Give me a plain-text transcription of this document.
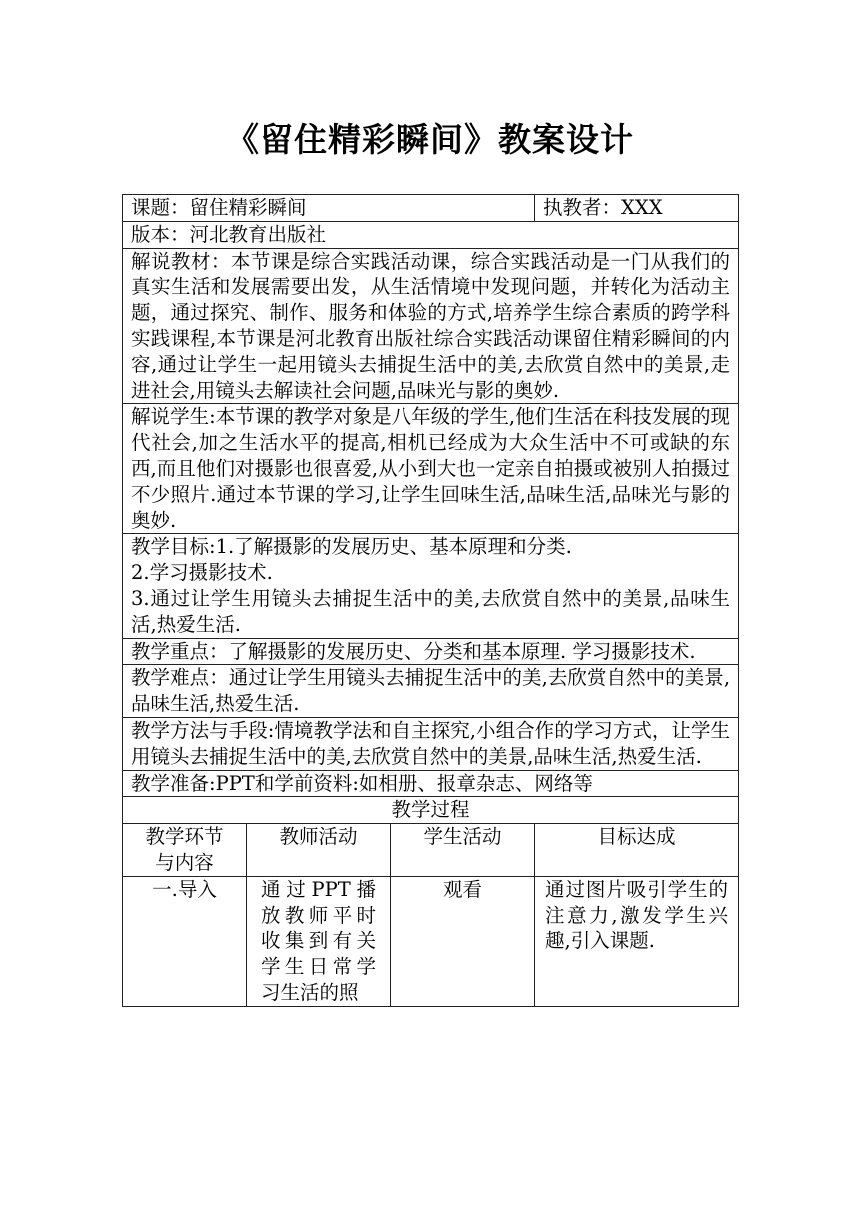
《留住精彩瞬间》教案设计
课题：留住精彩瞬间			执教者：XXX
版本：河北教育出版社			
解说教材：本节课是综合实践活动课，综合实践活动是一门从我们的真实生活和发展需要出发，从生活情境中发现问题，并转化为活动主题，通过探究、制作、服务和体验的方式,培养学生综合素质的跨学科实践课程,本节课是河北教育出版社综合实践活动课留住精彩瞬间的内容,通过让学生一起用镜头去捕捉生活中的美,去欣赏自然中的美景,走进社会,用镜头去解读社会问题,品味光与影的奥妙.			
解说学生:本节课的教学对象是八年级的学生,他们生活在科技发展的现代社会,加之生活水平的提高,相机已经成为大众生活中不可或缺的东西,而且他们对摄影也很喜爱,从小到大也一定亲自拍摄或被别人拍摄过不少照片.通过本节课的学习,让学生回味生活,品味生活,品味光与影的奥妙.			

教学目标:1.了解摄影的发展历史、基本原理和分类.
2.学习摄影技术.
3.通过让学生用镜头去捕捉生活中的美,去欣赏自然中的美景,品味生活,热爱生活.			

教学重点：了解摄影的发展历史、分类和基本原理. 学习摄影技术.			
教学难点：通过让学生用镜头去捕捉生活中的美,去欣赏自然中的美景,品味生活,热爱生活.			
教学方法与手段:情境教学法和自主探究,小组合作的学习方式，让学生用镜头去捕捉生活中的美,去欣赏自然中的美景,品味生活,热爱生活.			
教学准备:PPT和学前资料:如相册、报章杂志、网络等			
教学过程			
教学环节与内容	教师活动	学生活动	目标达成
一.导入	通过PPT播放教师平时收集到有关学生日常学习生活的照	观看	通过图片吸引学生的注意力,激发学生兴趣,引入课题.
